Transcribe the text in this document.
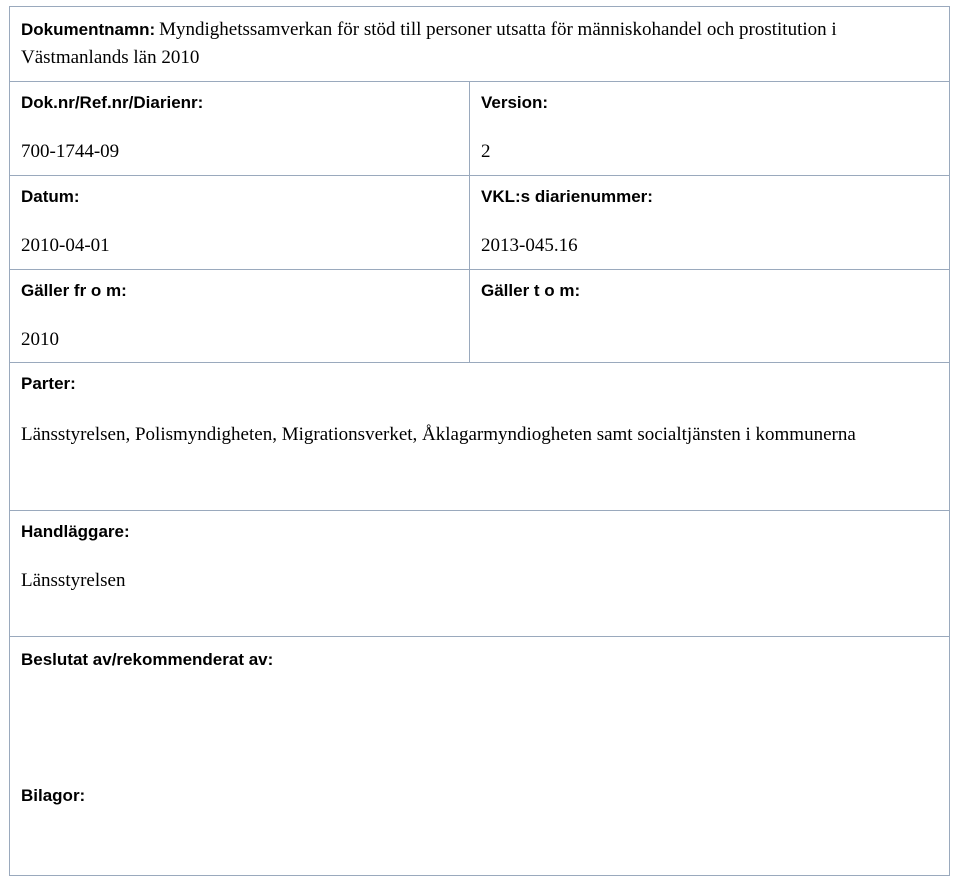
Dokumentnamn: Myndighetssamverkan för stöd till personer utsatta för människohandel och prostitution i Västmanlands län 2010
Dok.nr/Ref.nr/Diarienr:
700-1744-09
Version:
2
Datum:
2010-04-01
VKL:s diarienummer:
2013-045.16
Gäller fr o m:
2010
Gäller t o m:
Parter:
Länsstyrelsen, Polismyndigheten, Migrationsverket, Åklagarmyndiogheten samt socialtjänsten i kommunerna
Handläggare:
Länsstyrelsen
Beslutat av/rekommenderat av:
Bilagor:
